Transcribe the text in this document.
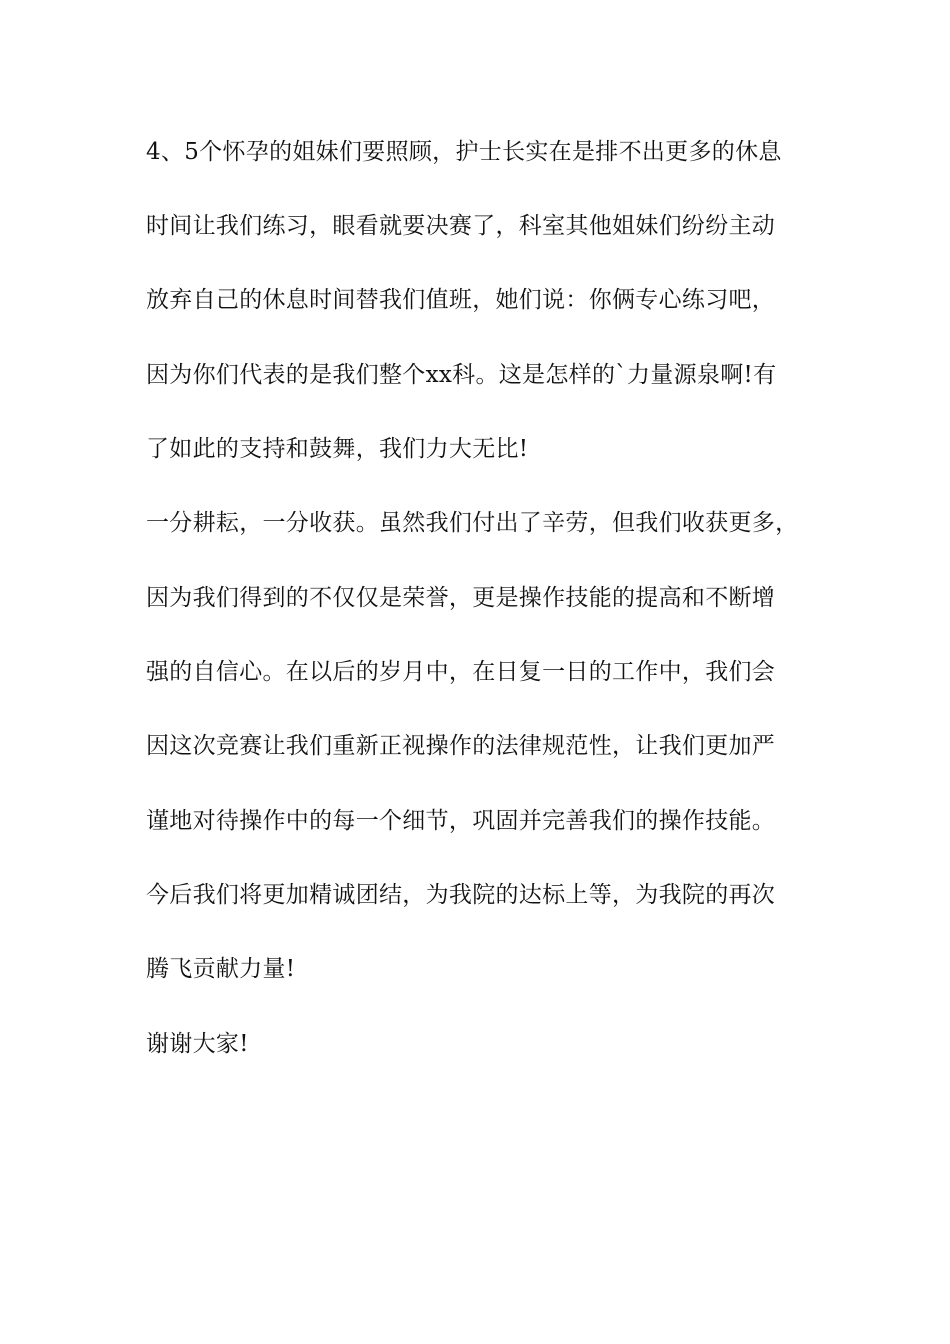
4、5个怀孕的姐妹们要照顾，护士长实在是排不出更多的休息
时间让我们练习，眼看就要决赛了，科室其他姐妹们纷纷主动
放弃自己的休息时间替我们值班，她们说：你俩专心练习吧，
因为你们代表的是我们整个xx科。这是怎样的`力量源泉啊!有
了如此的支持和鼓舞，我们力大无比!
一分耕耘，一分收获。虽然我们付出了辛劳，但我们收获更多，
因为我们得到的不仅仅是荣誉，更是操作技能的提高和不断增
强的自信心。在以后的岁月中，在日复一日的工作中，我们会
因这次竞赛让我们重新正视操作的法律规范性，让我们更加严
谨地对待操作中的每一个细节，巩固并完善我们的操作技能。
今后我们将更加精诚团结，为我院的达标上等，为我院的再次
腾飞贡献力量!
谢谢大家!
